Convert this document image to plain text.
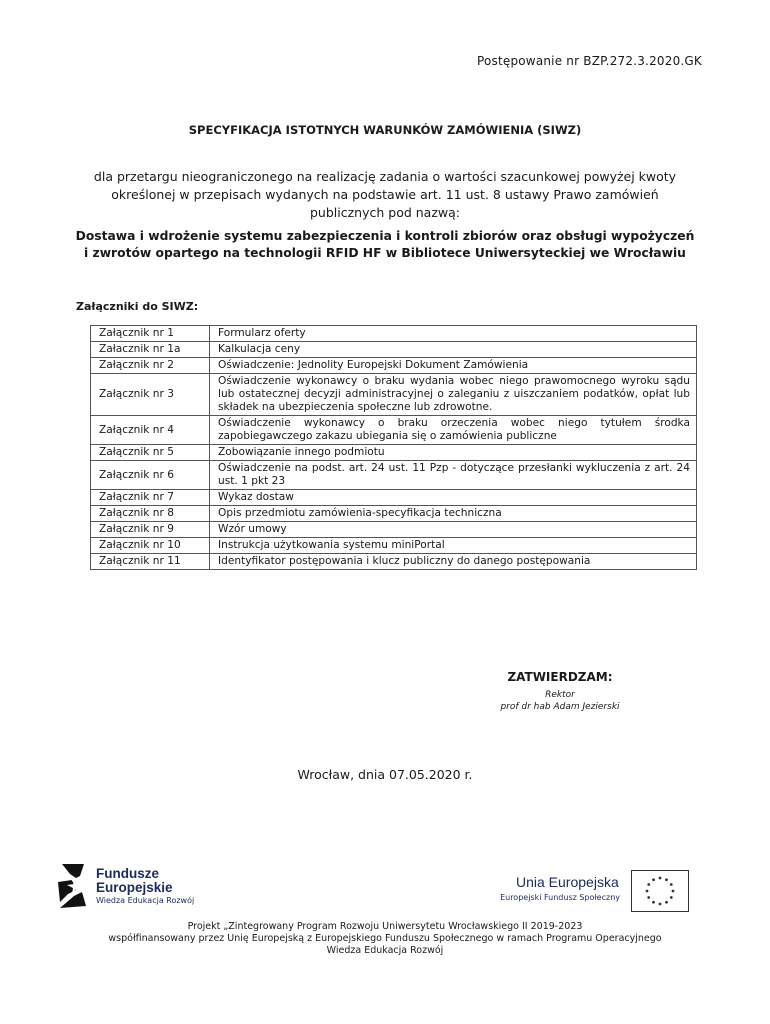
Postępowanie nr BZP.272.3.2020.GK
SPECYFIKACJA ISTOTNYCH WARUNKÓW ZAMÓWIENIA (SIWZ)
dla przetargu nieograniczonego na realizację zadania o wartości szacunkowej powyżej kwoty określonej w przepisach wydanych na podstawie art. 11 ust. 8 ustawy Prawo zamówień publicznych pod nazwą:
Dostawa i wdrożenie systemu zabezpieczenia i kontroli zbiorów oraz obsługi wypożyczeń i zwrotów opartego na technologii RFID HF w Bibliotece Uniwersyteckiej we Wrocławiu
Załączniki do SIWZ:
Załącznik nr 1	Formularz oferty
Załacznik nr 1a	Kalkulacja ceny
Załącznik nr 2	Oświadczenie: Jednolity Europejski Dokument Zamówienia
Załącznik nr 3	Oświadczenie wykonawcy o braku wydania wobec niego prawomocnego wyroku sądu lub ostatecznej decyzji administracyjnej o zaleganiu z uiszczaniem podatków, opłat lub składek na ubezpieczenia społeczne lub zdrowotne.
Załącznik nr 4	Oświadczenie wykonawcy o braku orzeczenia wobec niego tytułem środka zapobiegawczego zakazu ubiegania się o zamówienia publiczne
Załącznik nr 5	Zobowiązanie innego podmiotu
Załącznik nr 6	Oświadczenie na podst. art. 24 ust. 11 Pzp - dotyczące przesłanki wykluczenia z art. 24 ust. 1 pkt 23
Załącznik nr 7	Wykaz dostaw
Załącznik nr 8	Opis przedmiotu zamówienia-specyfikacja techniczna
Załącznik nr 9	Wzór umowy
Załącznik nr 10	Instrukcja użytkowania systemu miniPortal
Załącznik nr 11	Identyfikator postępowania i klucz publiczny do danego postępowania
ZATWIERDZAM:
Rektor
prof dr hab Adam Jezierski
Wrocław, dnia 07.05.2020 r.
Fundusze
Europejskie
Wiedza Edukacja Rozwój
Unia Europejska
Europejski Fundusz Społeczny
Projekt „Zintegrowany Program Rozwoju Uniwersytetu Wrocławskiego II 2019-2023
współfinansowany przez Unię Europejską z Europejskiego Funduszu Społecznego w ramach Programu Operacyjnego
Wiedza Edukacja Rozwój
